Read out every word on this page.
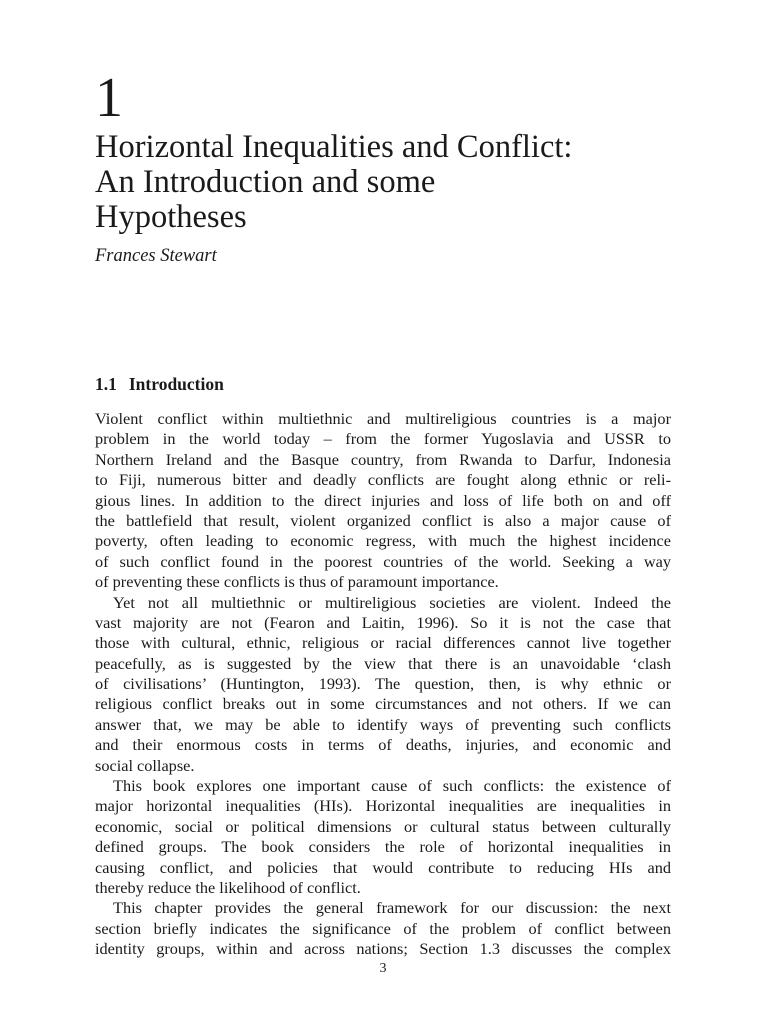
1
Horizontal Inequalities and Conflict:
An Introduction and some
Hypotheses
Frances Stewart
1.1 Introduction
Violent conflict within multiethnic and multireligious countries is a major
problem in the world today – from the former Yugoslavia and USSR to
Northern Ireland and the Basque country, from Rwanda to Darfur, Indonesia
to Fiji, numerous bitter and deadly conflicts are fought along ethnic or reli-
gious lines. In addition to the direct injuries and loss of life both on and off
the battlefield that result, violent organized conflict is also a major cause of
poverty, often leading to economic regress, with much the highest incidence
of such conflict found in the poorest countries of the world. Seeking a way
of preventing these conflicts is thus of paramount importance.
Yet not all multiethnic or multireligious societies are violent. Indeed the
vast majority are not (Fearon and Laitin, 1996). So it is not the case that
those with cultural, ethnic, religious or racial differences cannot live together
peacefully, as is suggested by the view that there is an unavoidable ‘clash
of civilisations’ (Huntington, 1993). The question, then, is why ethnic or
religious conflict breaks out in some circumstances and not others. If we can
answer that, we may be able to identify ways of preventing such conflicts
and their enormous costs in terms of deaths, injuries, and economic and
social collapse.
This book explores one important cause of such conflicts: the existence of
major horizontal inequalities (HIs). Horizontal inequalities are inequalities in
economic, social or political dimensions or cultural status between culturally
defined groups. The book considers the role of horizontal inequalities in
causing conflict, and policies that would contribute to reducing HIs and
thereby reduce the likelihood of conflict.
This chapter provides the general framework for our discussion: the next
section briefly indicates the significance of the problem of conflict between
identity groups, within and across nations; Section 1.3 discusses the complex
3
